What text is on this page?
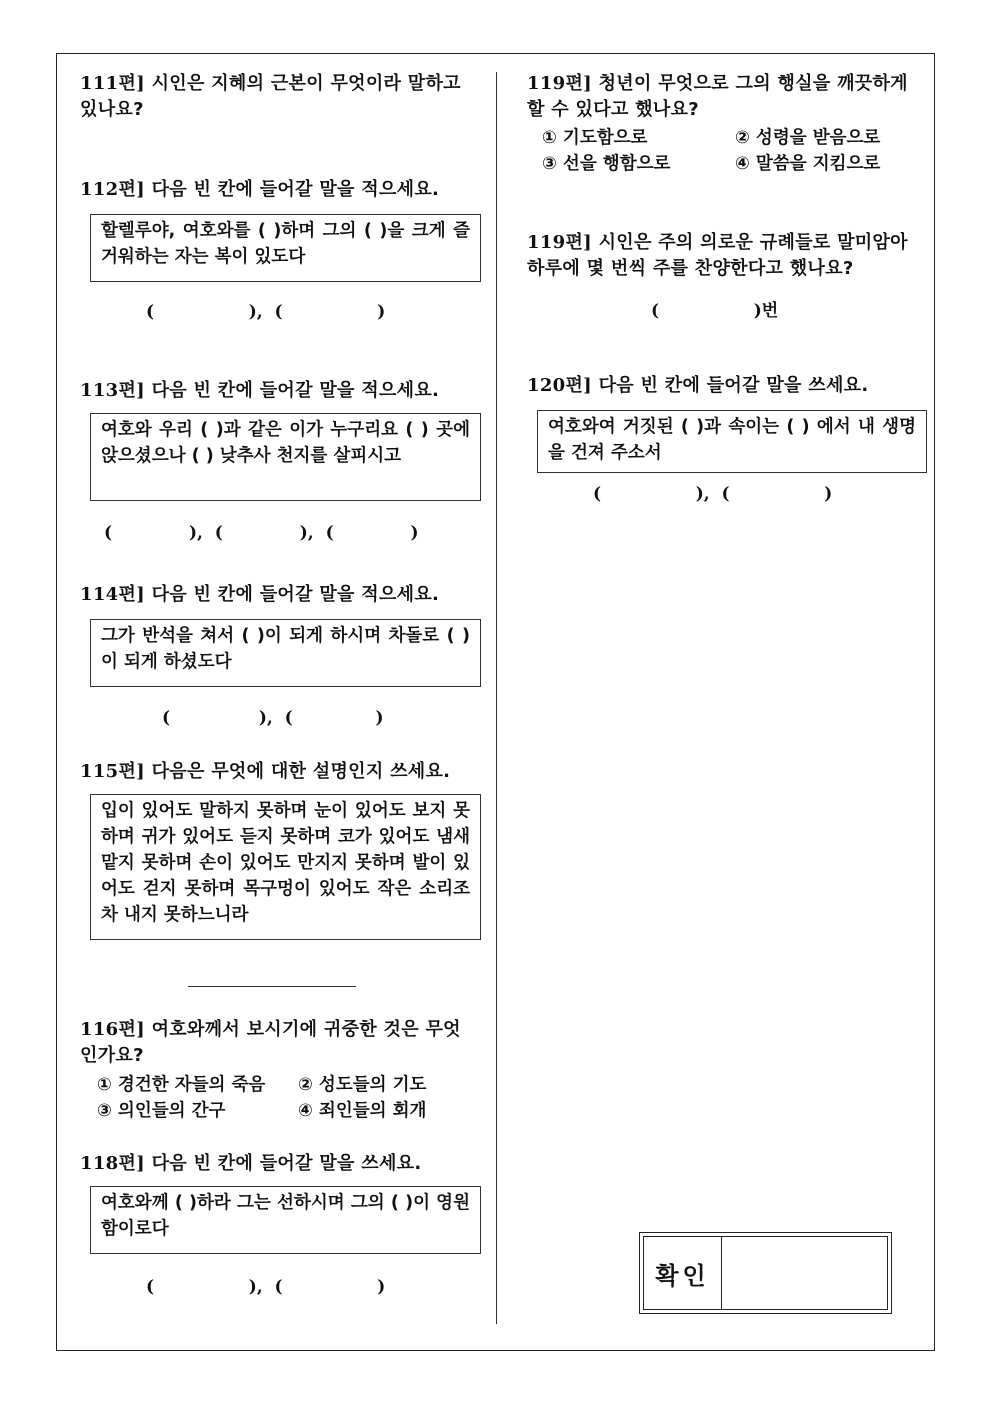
111편] 시인은 지혜의 근본이 무엇이라 말하고 있나요?
112편] 다음 빈 칸에 들어갈 말을 적으세요.
할렐루야, 여호와를 ( )하며 그의 ( )을 크게 즐거워하는 자는 복이 있도다
(                ),  (                )
113편] 다음 빈 칸에 들어갈 말을 적으세요.
여호와 우리 ( )과 같은 이가 누구리요 ( ) 곳에 앉으셨으나 ( ) 낮추사 천지를 살피시고
(             ),  (             ),  (             )
114편] 다음 빈 칸에 들어갈 말을 적으세요.
그가 반석을 쳐서 ( )이 되게 하시며 차돌로 ( )이 되게 하셨도다
(               ),  (              )
115편] 다음은 무엇에 대한 설명인지 쓰세요.
입이 있어도 말하지 못하며 눈이 있어도 보지 못하며 귀가 있어도 듣지 못하며 코가 있어도 냄새 맡지 못하며 손이 있어도 만지지 못하며 발이 있어도 걷지 못하며 목구멍이 있어도 작은 소리조차 내지 못하느니라
116편] 여호와께서 보시기에 귀중한 것은 무엇인가요?
① 경건한 자들의 죽음 ② 성도들의 기도
③ 의인들의 간구	④ 죄인들의 회개
118편] 다음 빈 칸에 들어갈 말을 쓰세요.
여호와께 ( )하라 그는 선하시며 그의 ( )이 영원함이로다
(                ),  (                )
119편] 청년이 무엇으로 그의 행실을 깨끗하게 할 수 있다고 했나요?
① 기도함으로	② 성령을 받음으로
③ 선을 행함으로	④ 말씀을 지킴으로
119편] 시인은 주의 의로운 규례들로 말미암아 하루에 몇 번씩 주를 찬양한다고 했나요?
(                )번
120편] 다음 빈 칸에 들어갈 말을 쓰세요.
여호와여 거짓된 ( )과 속이는 ( ) 에서 내 생명을 건져 주소서
(                ),  (                )
확인
